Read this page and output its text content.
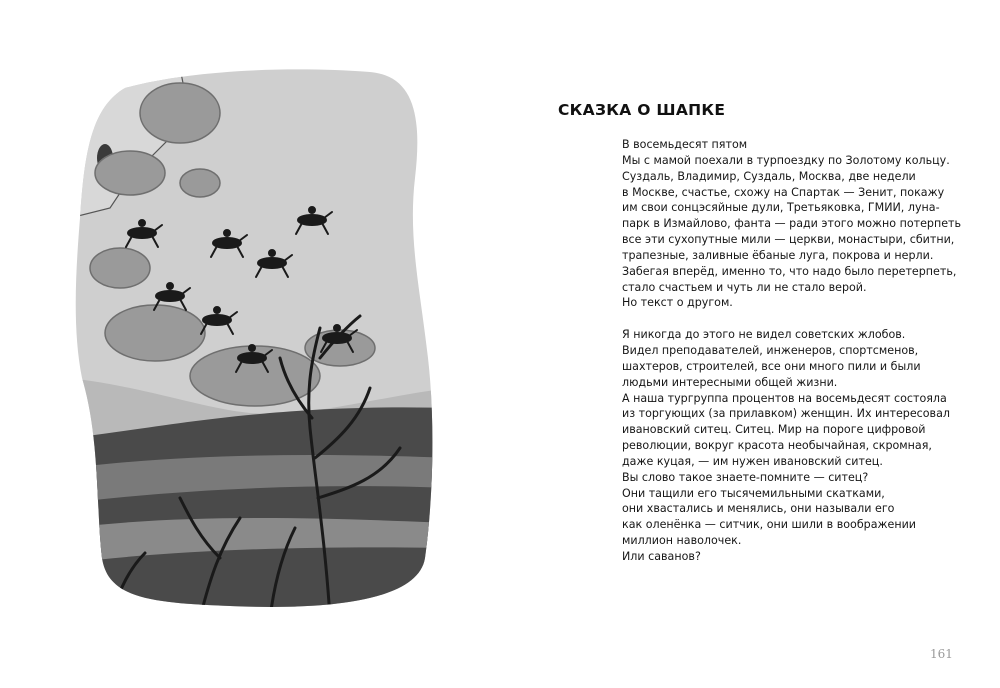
СКАЗКА О ШАПКЕ
В восемьдесят пятом
Мы с мамой поехали в турпоездку по Золотому кольцу.
Суздаль, Владимир, Суздаль, Москва, две недели
в Москве, счастье, схожу на Спартак — Зенит, покажу
им свои сонцэсяйные дули, Третьяковка, ГМИИ, луна-
парк в Измайлово, фанта — ради этого можно потерпеть
все эти сухопутные мили — церкви, монастыри, сбитни,
трапезные, заливные ёбаные луга, покрова и нерли.
Забегая вперёд, именно то, что надо было перетерпеть,
стало счастьем и чуть ли не стало верой.
Но текст о другом.
Я никогда до этого не видел советских жлобов.
Видел преподавателей, инженеров, спортсменов,
шахтеров, строителей, все они много пили и были
людьми интересными общей жизни.
А наша тургруппа процентов на восемьдесят состояла
из торгующих (за прилавком) женщин. Их интересовал
ивановский ситец. Ситец. Мир на пороге цифровой
революции, вокруг красота необычайная, скромная,
даже куцая, — им нужен ивановский ситец.
Вы слово такое знаете-помните — ситец?
Они тащили его тысячемильными скатками,
они хвастались и менялись, они называли его
как оленёнка — ситчик, они шили в воображении
миллион наволочек.
Или саванов?
161
